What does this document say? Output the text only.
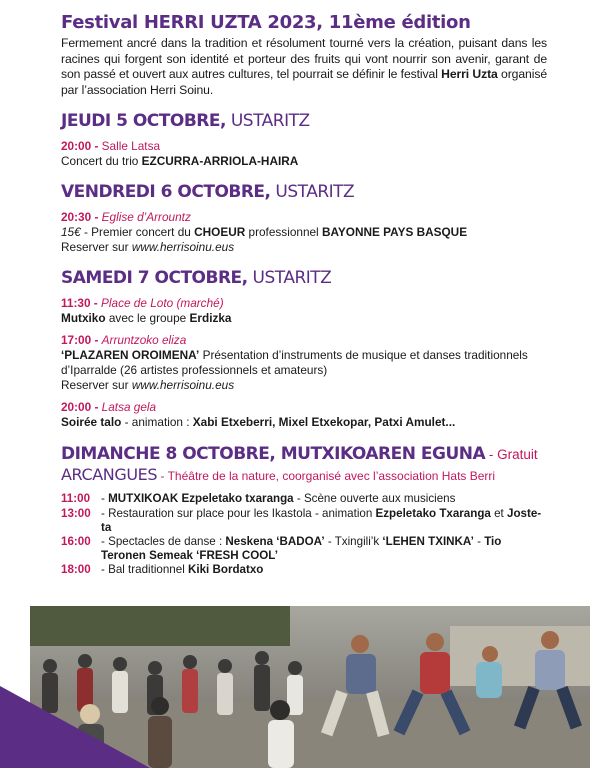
Festival HERRI UZTA 2023, 11ème édition
Fermement ancré dans la tradition et résolument tourné vers la création, puisant dans les racines qui forgent son identité et porteur des fruits qui vont nourrir son avenir, garant de son passé et ouvert aux autres cultures, tel pourrait se définir le festival Herri Uzta organisé par l’association Herri Soinu.
JEUDI 5 OCTOBRE, USTARITZ
20:00 - Salle Latsa
Concert du trio EZCURRA-ARRIOLA-HAIRA
VENDREDI 6 OCTOBRE, USTARITZ
20:30 - Eglise d’Arrountz
15€ - Premier concert du CHOEUR professionnel BAYONNE PAYS BASQUE
Reserver sur www.herrisoinu.eus
SAMEDI 7 OCTOBRE, USTARITZ
11:30 - Place de Loto (marché)
Mutxiko avec le groupe Erdizka
17:00 - Arruntzoko eliza
‘PLAZAREN OROIMENA’ Présentation d’instruments de musique et danses traditionnels
d’Iparralde (26 artistes professionnels et amateurs)
Reserver sur www.herrisoinu.eus
20:00 - Latsa gela
Soirée talo - animation : Xabi Etxeberri, Mixel Etxekopar, Patxi Amulet...
DIMANCHE 8 OCTOBRE, MUTXIKOAREN EGUNA - Gratuit
ARCANGUES - Théâtre de la nature, coorganisé avec l’association Hats Berri
11:00 - MUTXIKOAK Ezpeletako txaranga - Scène ouverte aux musiciens
13:00 - Restauration sur place pour les Ikastola - animation Ezpeletako Txaranga et Joste-ta
16:00 - Spectacles de danse : Neskena ‘BADOA’ - Txingili’k ‘LEHEN TXINKA’ - Tio Teronen Semeak ‘FRESH COOL’
18:00 - Bal traditionnel Kiki Bordatxo
